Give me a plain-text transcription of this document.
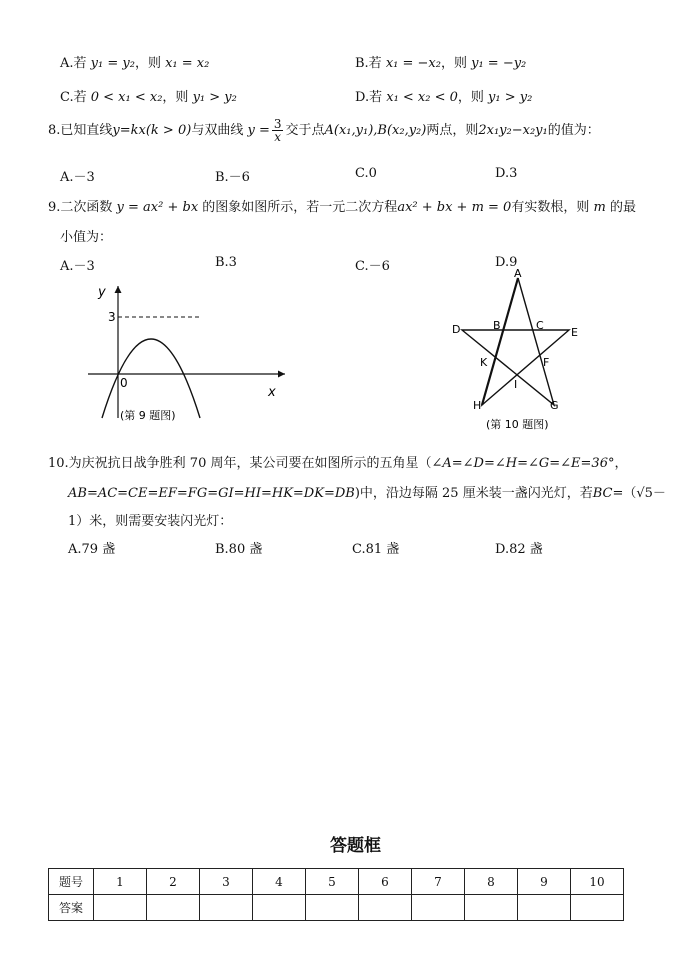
A.若 y₁ = y₂，则 x₁ = x₂	B.若 x₁ = −x₂，则 y₁ = −y₂
C.若 0 < x₁ < x₂，则 y₁ > y₂	D.若 x₁ < x₂ < 0，则 y₁ > y₂
8.已知直线y=kx(k > 0)与双曲线 $y = \frac{3}{x}$ 交于点A(x₁,y₁),B(x₂,y₂)两点，则2x₁y₂−x₂y₁的值为：
A.－3	B.－6	C.0	D.3
9.二次函数 y = ax² + bx 的图象如图所示，若一元二次方程ax² + bx + m = 0有实数根，则 m 的最
小值为：
A.－3	B.3	C.－6	D.9
y
x
3
0
(第 9 题图)
A
B	C
D	E
F
K
I
H	G
(第 10 题图)
10.为庆祝抗日战争胜利 70 周年，某公司要在如图所示的五角星（∠A=∠D=∠H=∠G=∠E=36°，
AB=AC=CE=EF=FG=GI=HI=HK=DK=DB)中，沿边每隔 25 厘米装一盏闪光灯，若BC=（√5－
1）米，则需要安装闪光灯：
A.79 盏	B.80 盏	C.81 盏	D.82 盏
答题框
题号	1	2	3	4	5	6	7	8	9	10
答案										
